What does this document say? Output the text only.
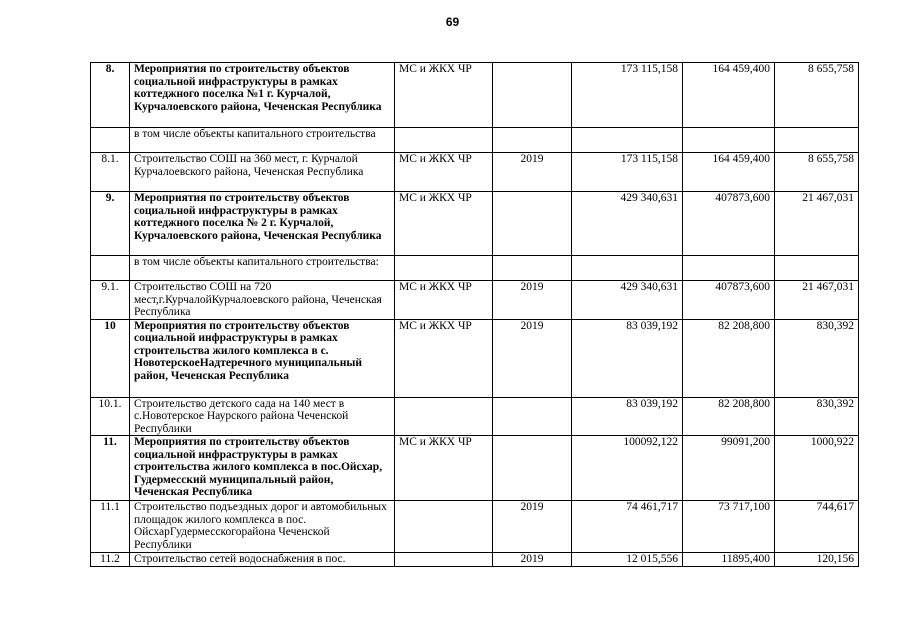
69
8.	Мероприятия по строительству объектов социальной инфраструктуры в рамках коттеджного поселка №1 г. Курчалой, Курчалоевского района, Чеченская Республика	МС и ЖКХ ЧР		173 115,158	164 459,400	8 655,758
	в том числе объекты капитального строительства					
8.1.	Строительство СОШ на 360 мест, г. Курчалой Курчалоевского района, Чеченская Республика	МС и ЖКХ ЧР	2019	173 115,158	164 459,400	8 655,758
9.	Мероприятия по строительству объектов социальной инфраструктуры в рамках коттеджного поселка № 2 г. Курчалой, Курчалоевского района, Чеченская Республика	МС и ЖКХ ЧР		429 340,631	407873,600	21 467,031
	в том числе объекты капитального строительства:					
9.1.	Строительство СОШ на 720 мест,г.КурчалойКурчалоевского района, Чеченская Республика	МС и ЖКХ ЧР	2019	429 340,631	407873,600	21 467,031
10	Мероприятия по строительству объектов социальной инфраструктуры в рамках строительства жилого комплекса в с. НовотерскоеНадтеречного муниципальный район, Чеченская Республика	МС и ЖКХ ЧР	2019	83 039,192	82 208,800	830,392
10.1.	Строительство детского сада на 140 мест в с.Новотерское Наурского района Чеченской Республики			83 039,192	82 208,800	830,392
11.	Мероприятия по строительству объектов социальной инфраструктуры в рамках строительства жилого комплекса в пос.Ойсхар, Гудермесский муниципальный район, Чеченская Республика	МС и ЖКХ ЧР		100092,122	99091,200	1000,922
11.1	Строительство подъездных дорог и автомобильных площадок жилого комплекса в пос. ОйсхарГудермесскогорайона Чеченской Республики		2019	74 461,717	73 717,100	744,617
11.2	Строительство сетей водоснабжения в пос.		2019	12 015,556	11895,400	120,156
